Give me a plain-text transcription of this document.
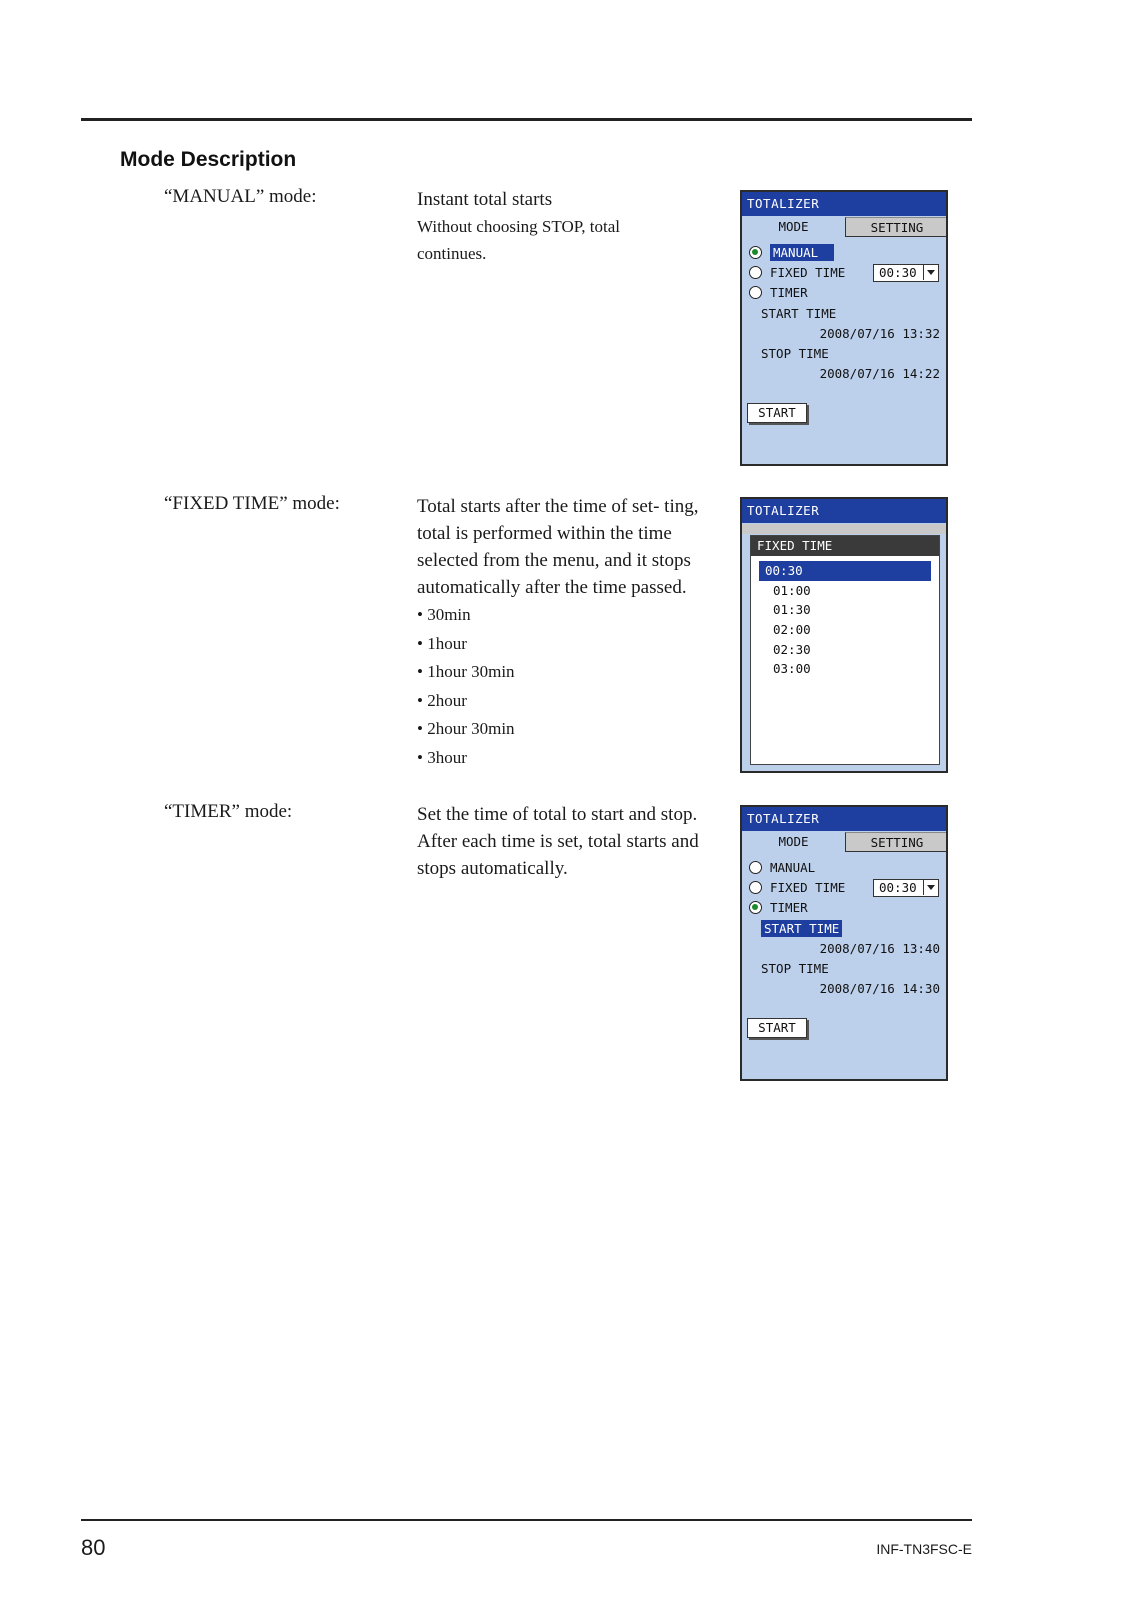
Mode Description
“MANUAL” mode:	Instant total starts
Without choosing STOP, total continues.
“FIXED TIME” mode:	Total starts after the time of set- ting, total is performed within the time selected from the menu, and it stops automatically after the time passed.
• 30min
• 1hour
• 1hour 30min
• 2hour
• 2hour 30min
• 3hour
“TIMER” mode:	Set the time of total to start and stop.
After each time is set, total starts and stops automatically.
TOTALIZER
MODE	SETTING
MANUAL
FIXED TIME	00:30
TIMER
START TIME
2008/07/16 13:32
STOP TIME
2008/07/16 14:22
START
TOTALIZER
FIXED TIME
00:30
01:00
01:30
02:00
02:30
03:00
TOTALIZER
MODE	SETTING
MANUAL
FIXED TIME	00:30
TIMER
START TIME
2008/07/16 13:40
STOP TIME
2008/07/16 14:30
START
80	INF-TN3FSC-E
